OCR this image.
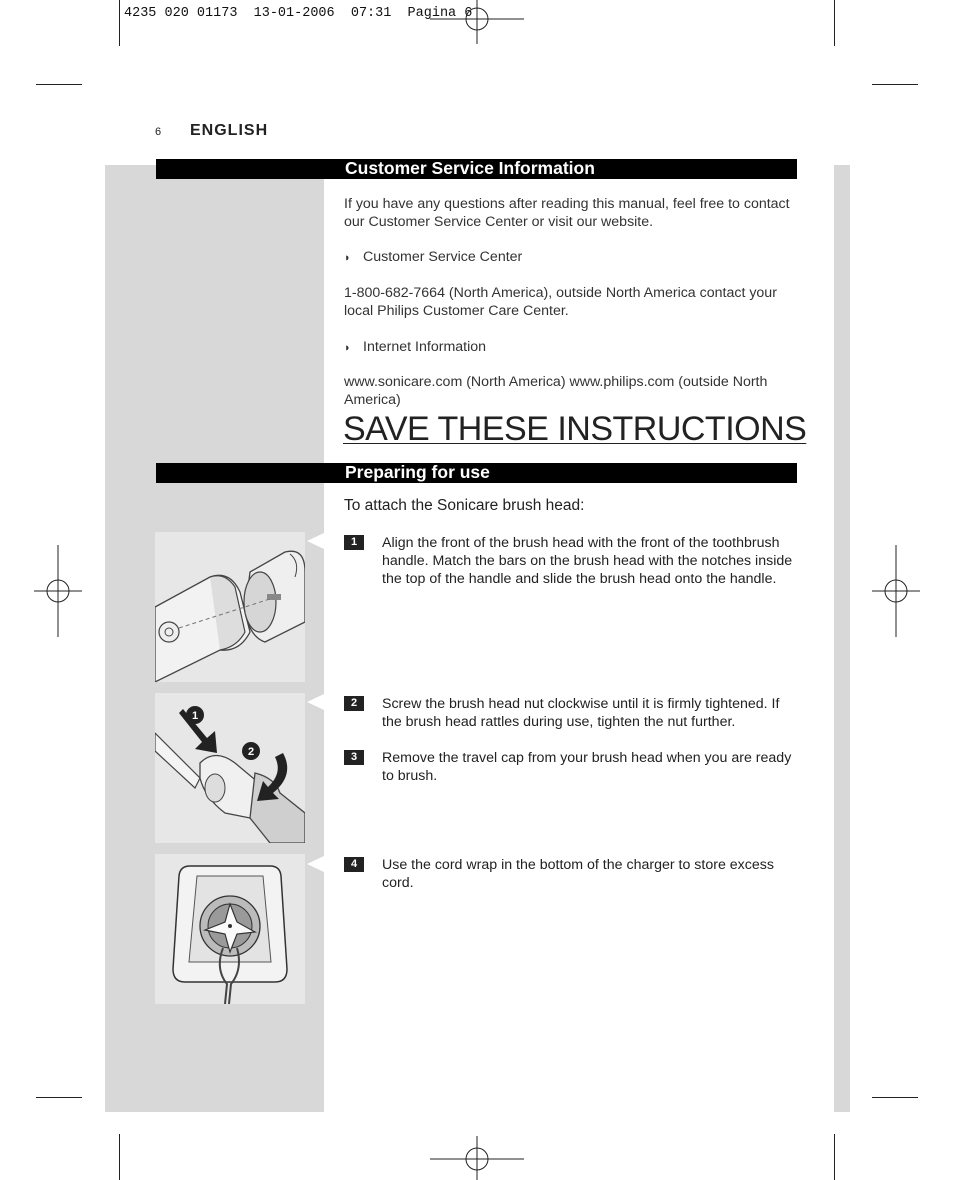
4235 020 01173  13-01-2006  07:31  Pagina 6
6 ENGLISH
Customer Service Information
If you have any questions after reading this manual, feel free to contact our Customer Service Center or visit our website.
◗ Customer Service Center
1-800-682-7664 (North America), outside North America contact your local Philips Customer Care Center.
◗ Internet Information
www.sonicare.com (North America) www.philips.com (outside North America)
SAVE THESE INSTRUCTIONS
Preparing for use
To attach the Sonicare brush head:
1	Align the front of the brush head with the front of the toothbrush handle. Match the bars on the brush head with the notches inside the top of the handle and slide the brush head onto the handle.
2	Screw the brush head nut clockwise until it is firmly tightened. If the brush head rattles during use, tighten the nut further.
3	Remove the travel cap from your brush head when you are ready to brush.
4	Use the cord wrap in the bottom of the charger to store excess cord.
1
2
